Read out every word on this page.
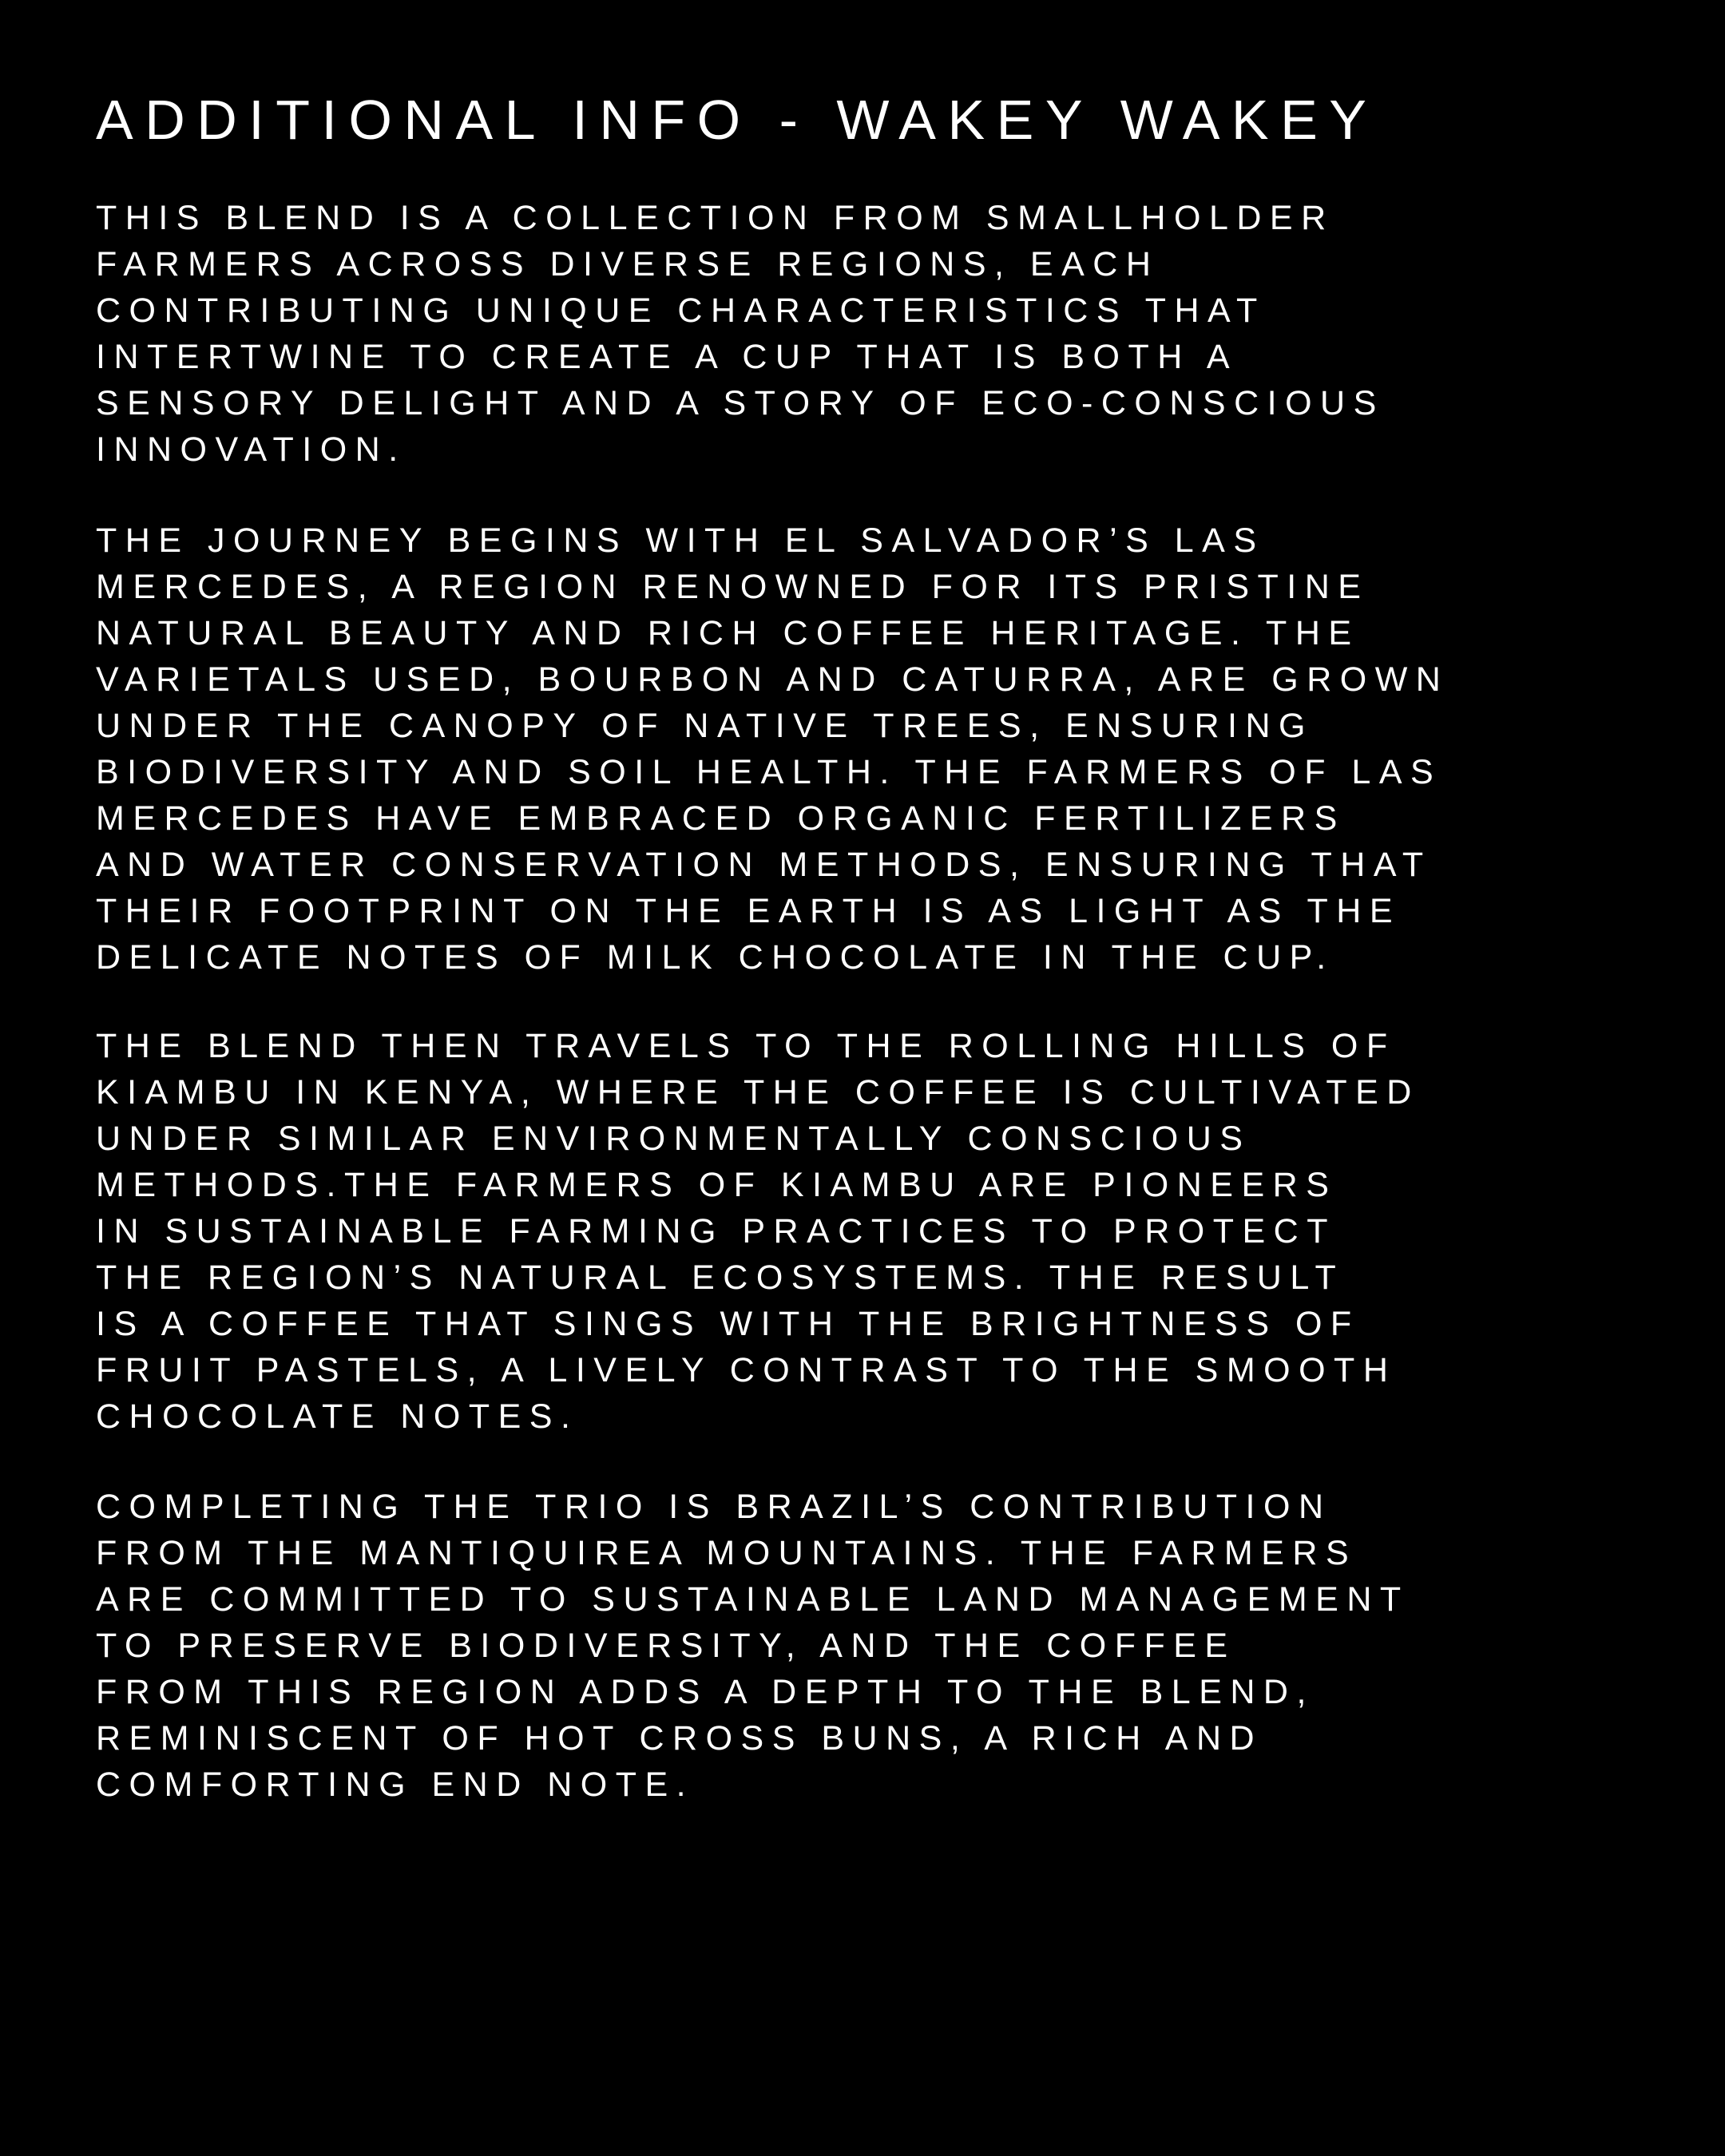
ADDITIONAL INFO - WAKEY WAKEY

THIS BLEND IS A COLLECTION FROM SMALLHOLDER
FARMERS ACROSS DIVERSE REGIONS, EACH
CONTRIBUTING UNIQUE CHARACTERISTICS THAT
INTERTWINE TO CREATE A CUP THAT IS BOTH A
SENSORY DELIGHT AND A STORY OF ECO-CONSCIOUS
INNOVATION.

THE JOURNEY BEGINS WITH EL SALVADOR’S LAS
MERCEDES, A REGION RENOWNED FOR ITS PRISTINE
NATURAL BEAUTY AND RICH COFFEE HERITAGE. THE
VARIETALS USED, BOURBON AND CATURRA, ARE GROWN
UNDER THE CANOPY OF NATIVE TREES, ENSURING
BIODIVERSITY AND SOIL HEALTH. THE FARMERS OF LAS
MERCEDES HAVE EMBRACED ORGANIC FERTILIZERS
AND WATER CONSERVATION METHODS, ENSURING THAT
THEIR FOOTPRINT ON THE EARTH IS AS LIGHT AS THE
DELICATE NOTES OF MILK CHOCOLATE IN THE CUP.

THE BLEND THEN TRAVELS TO THE ROLLING HILLS OF
KIAMBU IN KENYA, WHERE THE COFFEE IS CULTIVATED
UNDER SIMILAR ENVIRONMENTALLY CONSCIOUS
METHODS.THE FARMERS OF KIAMBU ARE PIONEERS
IN SUSTAINABLE FARMING PRACTICES TO PROTECT
THE REGION’S NATURAL ECOSYSTEMS. THE RESULT
IS A COFFEE THAT SINGS WITH THE BRIGHTNESS OF
FRUIT PASTELS, A LIVELY CONTRAST TO THE SMOOTH
CHOCOLATE NOTES.

COMPLETING THE TRIO IS BRAZIL’S CONTRIBUTION
FROM THE MANTIQUIREA MOUNTAINS. THE FARMERS
ARE COMMITTED TO SUSTAINABLE LAND MANAGEMENT
TO PRESERVE BIODIVERSITY, AND THE COFFEE
FROM THIS REGION ADDS A DEPTH TO THE BLEND,
REMINISCENT OF HOT CROSS BUNS, A RICH AND
COMFORTING END NOTE.
